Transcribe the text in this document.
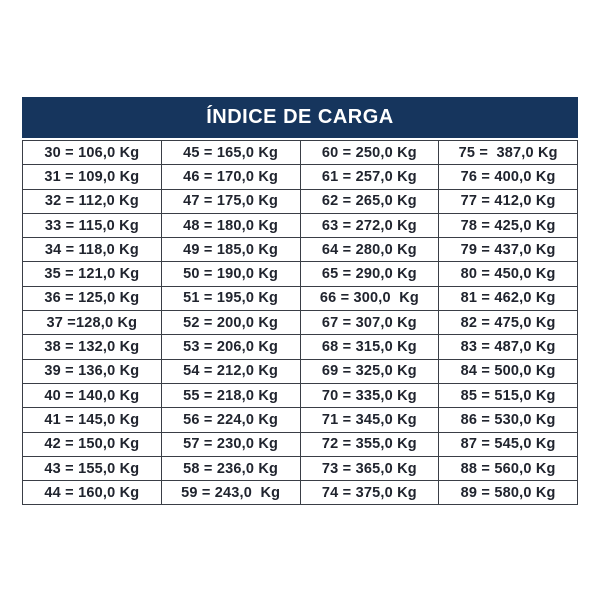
ÍNDICE DE CARGA
30 = 106,0 Kg	45 = 165,0 Kg	60 = 250,0 Kg	75 =  387,0 Kg
31 = 109,0 Kg	46 = 170,0 Kg	61 = 257,0 Kg	76 = 400,0 Kg
32 = 112,0 Kg	47 = 175,0 Kg	62 = 265,0 Kg	77 = 412,0 Kg
33 = 115,0 Kg	48 = 180,0 Kg	63 = 272,0 Kg	78 = 425,0 Kg
34 = 118,0 Kg	49 = 185,0 Kg	64 = 280,0 Kg	79 = 437,0 Kg
35 = 121,0 Kg	50 = 190,0 Kg	65 = 290,0 Kg	80 = 450,0 Kg
36 = 125,0 Kg	51 = 195,0 Kg	66 = 300,0  Kg	81 = 462,0 Kg
37 =128,0 Kg	52 = 200,0 Kg	67 = 307,0 Kg	82 = 475,0 Kg
38 = 132,0 Kg	53 = 206,0 Kg	68 = 315,0 Kg	83 = 487,0 Kg
39 = 136,0 Kg	54 = 212,0 Kg	69 = 325,0 Kg	84 = 500,0 Kg
40 = 140,0 Kg	55 = 218,0 Kg	70 = 335,0 Kg	85 = 515,0 Kg
41 = 145,0 Kg	56 = 224,0 Kg	71 = 345,0 Kg	86 = 530,0 Kg
42 = 150,0 Kg	57 = 230,0 Kg	72 = 355,0 Kg	87 = 545,0 Kg
43 = 155,0 Kg	58 = 236,0 Kg	73 = 365,0 Kg	88 = 560,0 Kg
44 = 160,0 Kg	59 = 243,0  Kg	74 = 375,0 Kg	89 = 580,0 Kg
